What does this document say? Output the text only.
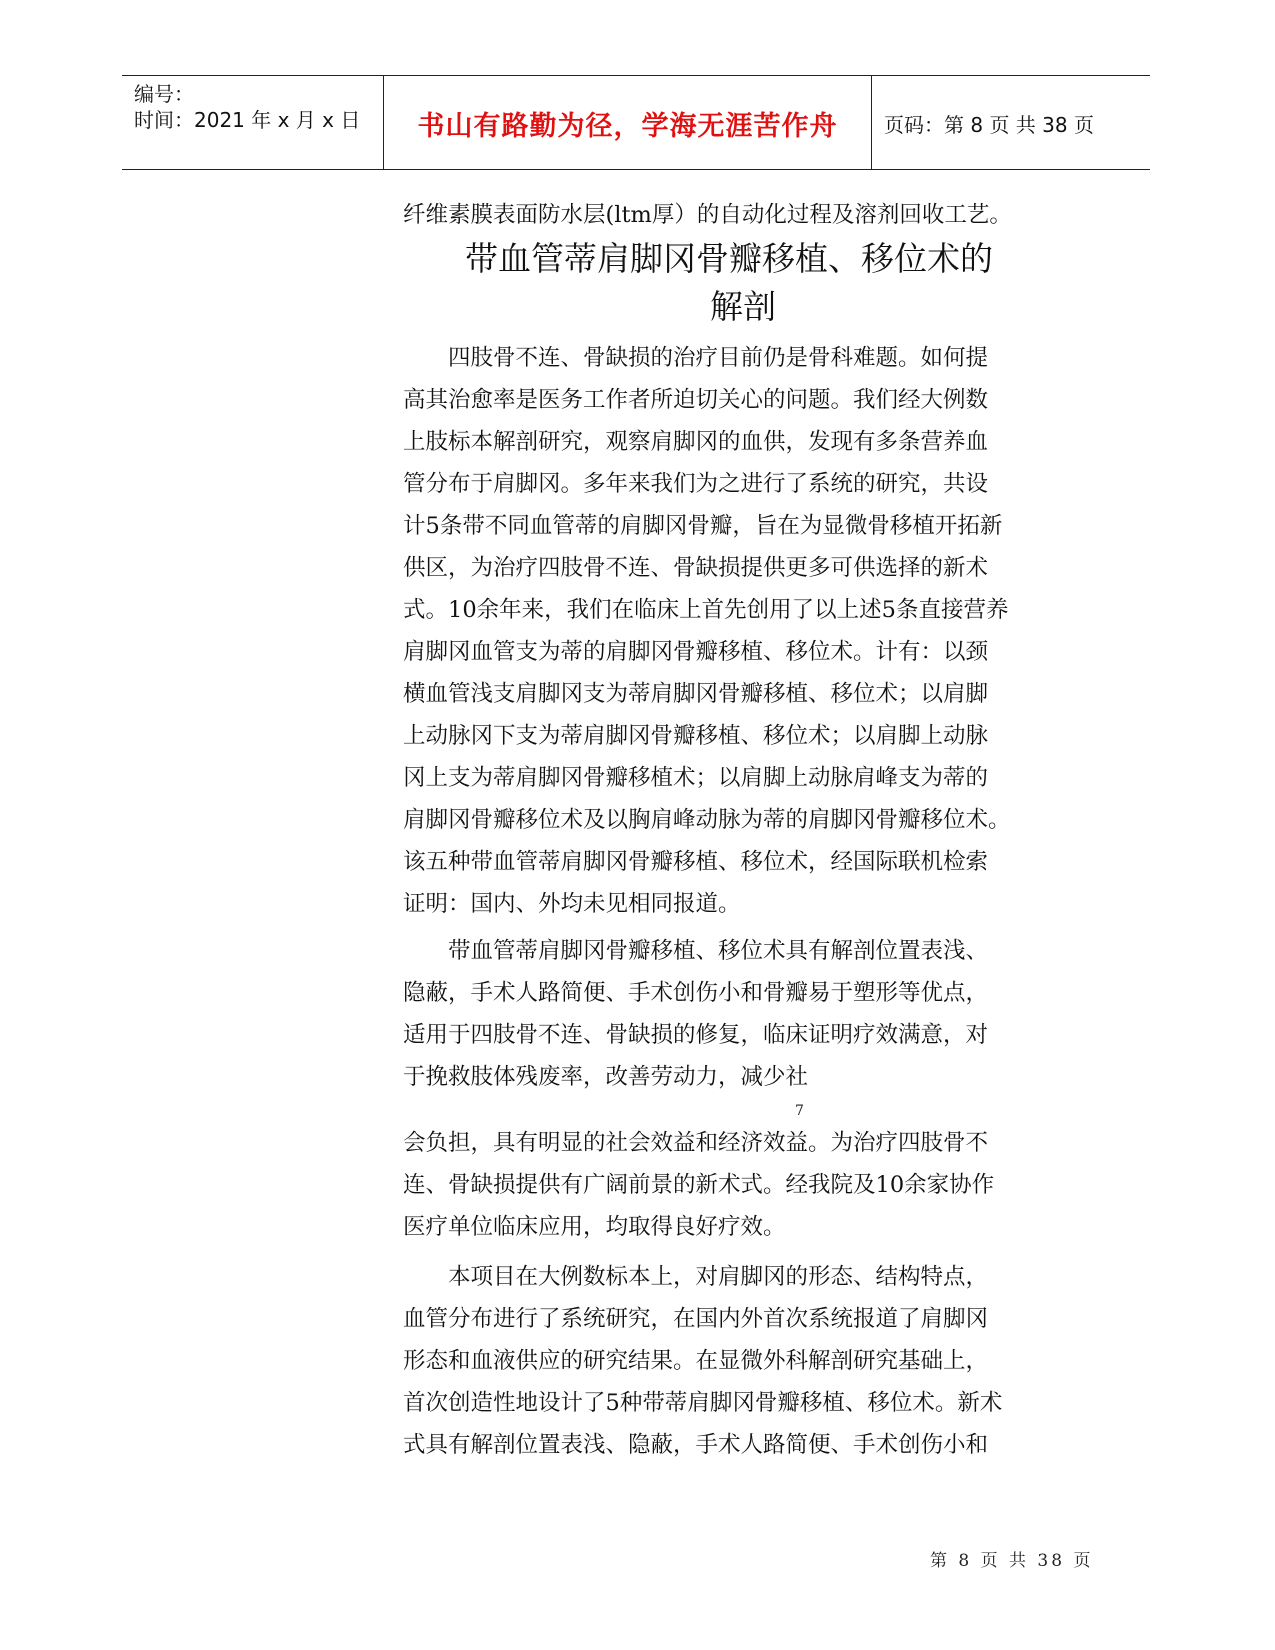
编号：
时间：2021 年 x 月 x 日	书山有路勤为径，学海无涯苦作舟	页码：第 8 页 共 38 页
纤维素膜表面防水层(ltm厚）的自动化过程及溶剂回收工艺。
带血管蒂肩脚冈骨瓣移植、移位术的
解剖
　　四肢骨不连、骨缺损的治疗目前仍是骨科难题。如何提
高其治愈率是医务工作者所迫切关心的问题。我们经大例数
上肢标本解剖研究，观察肩脚冈的血供，发现有多条营养血
管分布于肩脚冈。多年来我们为之进行了系统的研究，共设
计5条带不同血管蒂的肩脚冈骨瓣，旨在为显微骨移植开拓新
供区，为治疗四肢骨不连、骨缺损提供更多可供选择的新术
式。10余年来，我们在临床上首先创用了以上述5条直接营养
肩脚冈血管支为蒂的肩脚冈骨瓣移植、移位术。计有：以颈
横血管浅支肩脚冈支为蒂肩脚冈骨瓣移植、移位术；以肩脚
上动脉冈下支为蒂肩脚冈骨瓣移植、移位术；以肩脚上动脉
冈上支为蒂肩脚冈骨瓣移植术；以肩脚上动脉肩峰支为蒂的
肩脚冈骨瓣移位术及以胸肩峰动脉为蒂的肩脚冈骨瓣移位术。
该五种带血管蒂肩脚冈骨瓣移植、移位术，经国际联机检索
证明：国内、外均未见相同报道。
　　带血管蒂肩脚冈骨瓣移植、移位术具有解剖位置表浅、
隐蔽，手术人路简便、手术创伤小和骨瓣易于塑形等优点，
适用于四肢骨不连、骨缺损的修复，临床证明疗效满意，对
于挽救肢体残废率，改善劳动力，减少社
会负担，具有明显的社会效益和经济效益。为治疗四肢骨不
连、骨缺损提供有广阔前景的新术式。经我院及10余家协作
医疗单位临床应用，均取得良好疗效。
　　本项目在大例数标本上，对肩脚冈的形态、结构特点，
血管分布进行了系统研究，在国内外首次系统报道了肩脚冈
形态和血液供应的研究结果。在显微外科解剖研究基础上，
首次创造性地设计了5种带蒂肩脚冈骨瓣移植、移位术。新术
式具有解剖位置表浅、隐蔽，手术人路简便、手术创伤小和
7
第 8 页 共 38 页
